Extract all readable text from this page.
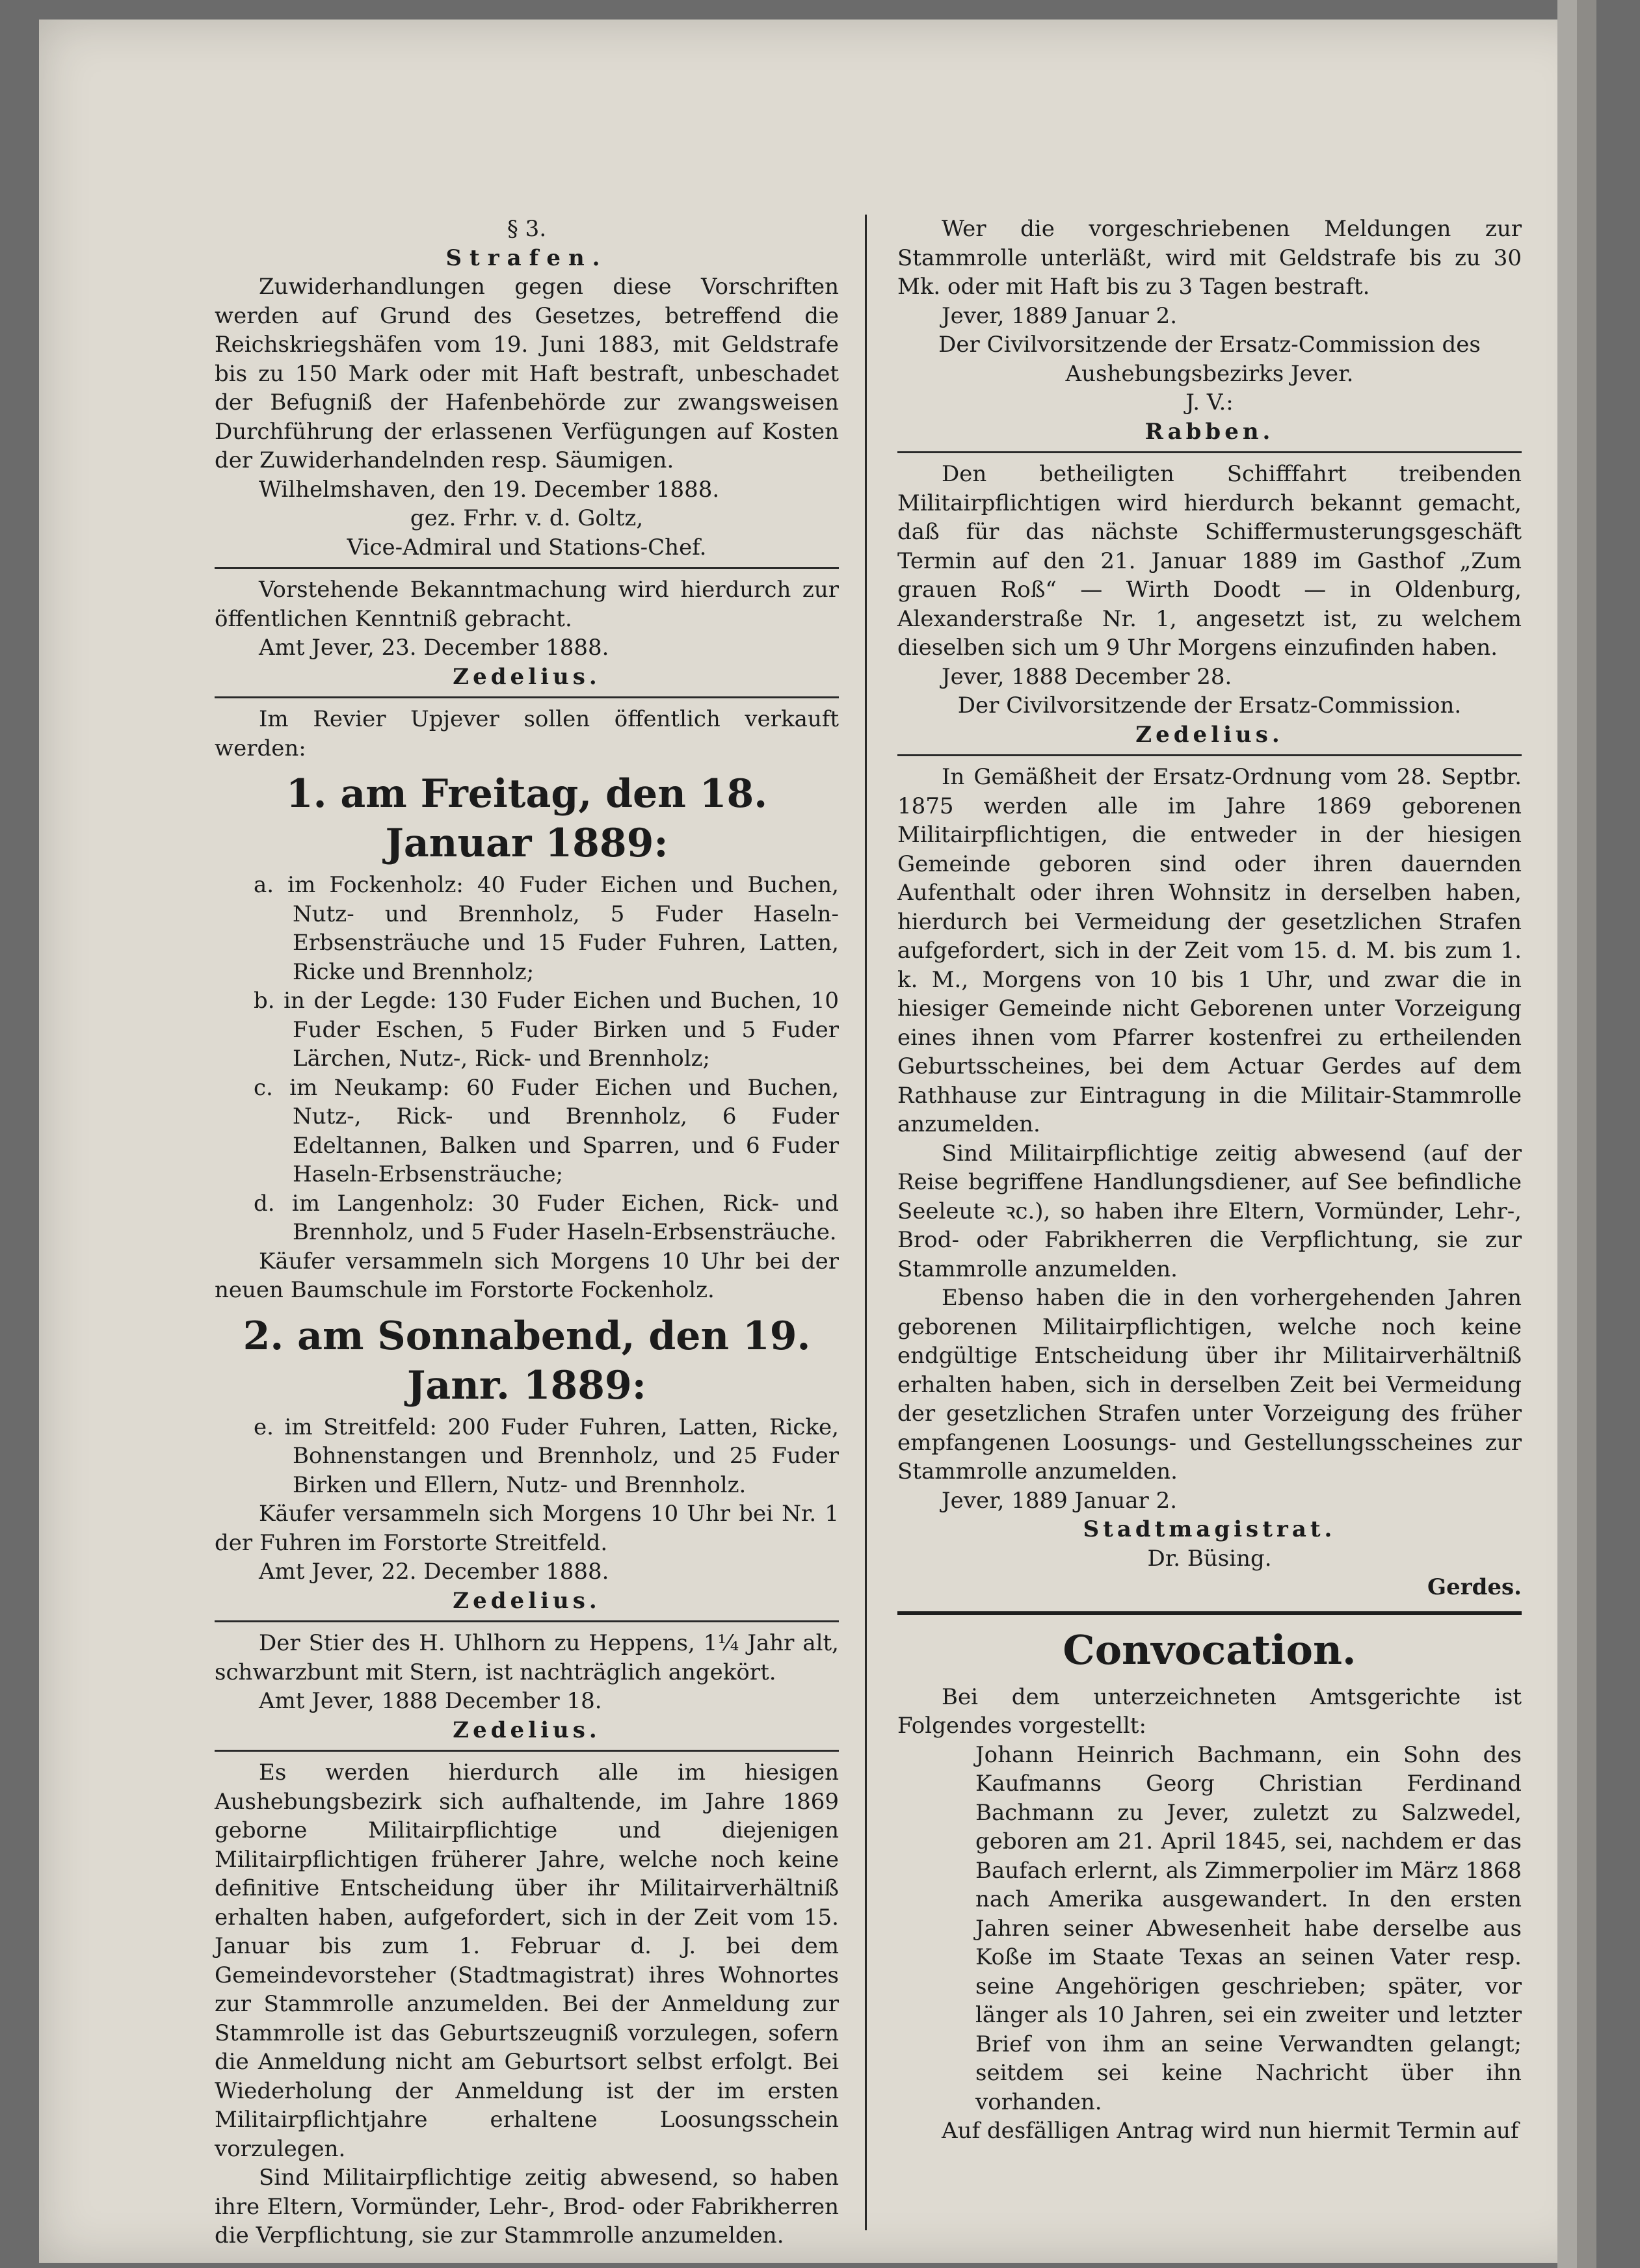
§ 3.

Strafen.

Zuwiderhandlungen gegen diese Vorschriften werden auf Grund des Gesetzes, betreffend die Reichskriegshäfen vom 19. Juni 1883, mit Geldstrafe bis zu 150 Mark oder mit Haft bestraft, unbeschadet der Befugniß der Hafenbehörde zur zwangsweisen Durchführung der erlassenen Verfügungen auf Kosten der Zuwiderhandelnden resp. Säumigen.

Wilhelmshaven, den 19. December 1888.

gez. Frhr. v. d. Goltz,

Vice-Admiral und Stations-Chef.

Vorstehende Bekanntmachung wird hierdurch zur öffentlichen Kenntniß gebracht.

Amt Jever, 23. December 1888.

Zedelius.

Im Revier Upjever sollen öffentlich verkauft werden:

1. am Freitag, den 18. Januar 1889:

a. im Fockenholz: 40 Fuder Eichen und Buchen, Nutz- und Brennholz, 5 Fuder Haseln-Erbsensträuche und 15 Fuder Fuhren, Latten, Ricke und Brennholz;

b. in der Legde: 130 Fuder Eichen und Buchen, 10 Fuder Eschen, 5 Fuder Birken und 5 Fuder Lärchen, Nutz-, Rick- und Brennholz;

c. im Neukamp: 60 Fuder Eichen und Buchen, Nutz-, Rick- und Brennholz, 6 Fuder Edeltannen, Balken und Sparren, und 6 Fuder Haseln-Erbsensträuche;

d. im Langenholz: 30 Fuder Eichen, Rick- und Brennholz, und 5 Fuder Haseln-Erbsensträuche.

Käufer versammeln sich Morgens 10 Uhr bei der neuen Baumschule im Forstorte Fockenholz.

2. am Sonnabend, den 19. Janr. 1889:

e. im Streitfeld: 200 Fuder Fuhren, Latten, Ricke, Bohnenstangen und Brennholz, und 25 Fuder Birken und Ellern, Nutz- und Brennholz.

Käufer versammeln sich Morgens 10 Uhr bei Nr. 1 der Fuhren im Forstorte Streitfeld.

Amt Jever, 22. December 1888.

Zedelius.

Der Stier des H. Uhlhorn zu Heppens, 1¼ Jahr alt, schwarzbunt mit Stern, ist nachträglich angekört.

Amt Jever, 1888 December 18.

Zedelius.

Es werden hierdurch alle im hiesigen Aushebungsbezirk sich aufhaltende, im Jahre 1869 geborne Militairpflichtige und diejenigen Militairpflichtigen früherer Jahre, welche noch keine definitive Entscheidung über ihr Militairverhältniß erhalten haben, aufgefordert, sich in der Zeit vom 15. Januar bis zum 1. Februar d. J. bei dem Gemeindevorsteher (Stadtmagistrat) ihres Wohnortes zur Stammrolle anzumelden. Bei der Anmeldung zur Stammrolle ist das Geburtszeugniß vorzulegen, sofern die Anmeldung nicht am Geburtsort selbst erfolgt. Bei Wiederholung der Anmeldung ist der im ersten Militairpflichtjahre erhaltene Loosungsschein vorzulegen.

Sind Militairpflichtige zeitig abwesend, so haben ihre Eltern, Vormünder, Lehr-, Brod- oder Fabrikherren die Verpflichtung, sie zur Stammrolle anzumelden.

Wer die vorgeschriebenen Meldungen zur Stammrolle unterläßt, wird mit Geldstrafe bis zu 30 Mk. oder mit Haft bis zu 3 Tagen bestraft.

Jever, 1889 Januar 2.

Der Civilvorsitzende der Ersatz-Commission des Aushebungsbezirks Jever.

J. V.:

Rabben.

Den betheiligten Schifffahrt treibenden Militairpflichtigen wird hierdurch bekannt gemacht, daß für das nächste Schiffermusterungsgeschäft Termin auf den 21. Januar 1889 im Gasthof „Zum grauen Roß“ — Wirth Doodt — in Oldenburg, Alexanderstraße Nr. 1, angesetzt ist, zu welchem dieselben sich um 9 Uhr Morgens einzufinden haben.

Jever, 1888 December 28.

Der Civilvorsitzende der Ersatz-Commission.

Zedelius.

In Gemäßheit der Ersatz-Ordnung vom 28. Septbr. 1875 werden alle im Jahre 1869 geborenen Militairpflichtigen, die entweder in der hiesigen Gemeinde geboren sind oder ihren dauernden Aufenthalt oder ihren Wohnsitz in derselben haben, hierdurch bei Vermeidung der gesetzlichen Strafen aufgefordert, sich in der Zeit vom 15. d. M. bis zum 1. k. M., Morgens von 10 bis 1 Uhr, und zwar die in hiesiger Gemeinde nicht Geborenen unter Vorzeigung eines ihnen vom Pfarrer kostenfrei zu ertheilenden Geburtsscheines, bei dem Actuar Gerdes auf dem Rathhause zur Eintragung in die Militair-Stammrolle anzumelden.

Sind Militairpflichtige zeitig abwesend (auf der Reise begriffene Handlungsdiener, auf See befindliche Seeleute ꝛc.), so haben ihre Eltern, Vormünder, Lehr-, Brod- oder Fabrikherren die Verpflichtung, sie zur Stammrolle anzumelden.

Ebenso haben die in den vorhergehenden Jahren geborenen Militairpflichtigen, welche noch keine endgültige Entscheidung über ihr Militairverhältniß erhalten haben, sich in derselben Zeit bei Vermeidung der gesetzlichen Strafen unter Vorzeigung des früher empfangenen Loosungs- und Gestellungsscheines zur Stammrolle anzumelden.

Jever, 1889 Januar 2.

Stadtmagistrat.

Dr. Büsing.

Gerdes.

Convocation.

Bei dem unterzeichneten Amtsgerichte ist Folgendes vorgestellt:

Johann Heinrich Bachmann, ein Sohn des Kaufmanns Georg Christian Ferdinand Bachmann zu Jever, zuletzt zu Salzwedel, geboren am 21. April 1845, sei, nachdem er das Baufach erlernt, als Zimmerpolier im März 1868 nach Amerika ausgewandert. In den ersten Jahren seiner Abwesenheit habe derselbe aus Koße im Staate Texas an seinen Vater resp. seine Angehörigen geschrieben; später, vor länger als 10 Jahren, sei ein zweiter und letzter Brief von ihm an seine Verwandten gelangt; seitdem sei keine Nachricht über ihn vorhanden.

Auf desfälligen Antrag wird nun hiermit Termin auf
